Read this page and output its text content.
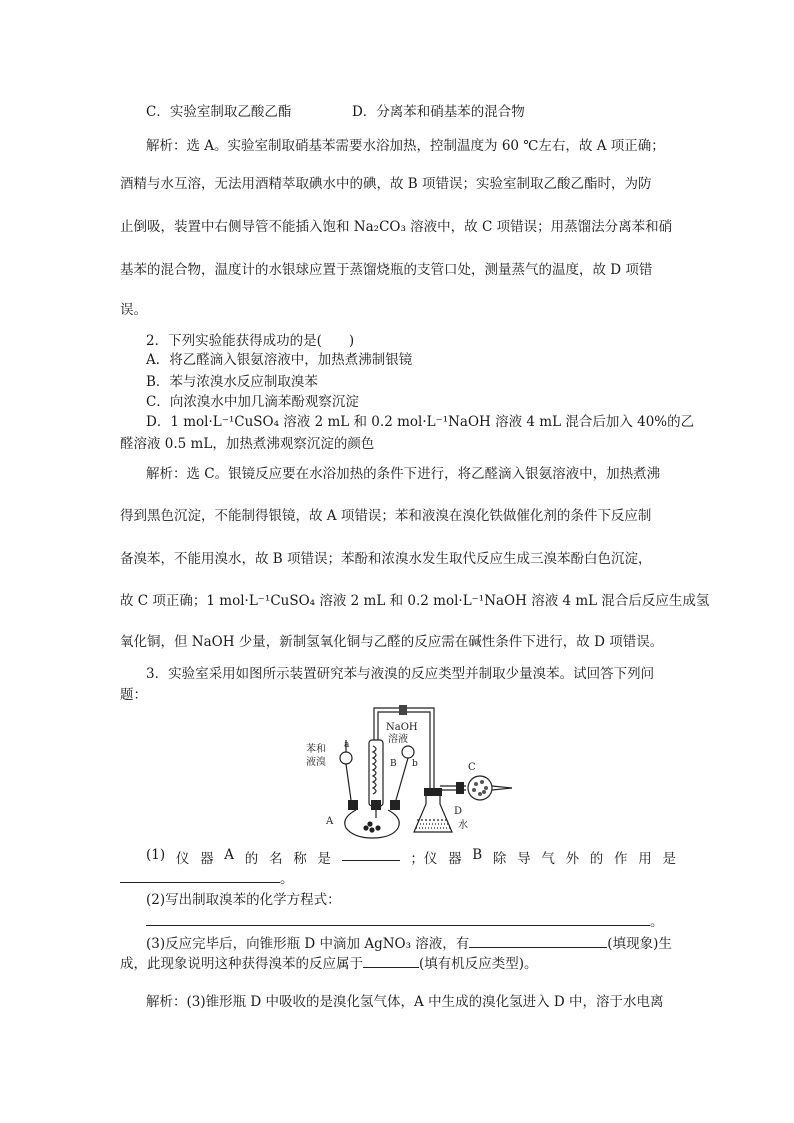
C．实验室制取乙酸乙酯	D．分离苯和硝基苯的混合物
解析：选 A。实验室制取硝基苯需要水浴加热，控制温度为 60 ℃左右，故 A 项正确；
酒精与水互溶，无法用酒精萃取碘水中的碘，故 B 项错误；实验室制取乙酸乙酯时，为防
止倒吸，装置中右侧导管不能插入饱和 Na₂CO₃ 溶液中，故 C 项错误；用蒸馏法分离苯和硝
基苯的混合物，温度计的水银球应置于蒸馏烧瓶的支管口处，测量蒸气的温度，故 D 项错
误。
2．下列实验能获得成功的是(　　)
A．将乙醛滴入银氨溶液中，加热煮沸制银镜
B．苯与浓溴水反应制取溴苯
C．向浓溴水中加几滴苯酚观察沉淀
D．1 mol·L⁻¹CuSO₄ 溶液 2 mL 和 0.2 mol·L⁻¹NaOH 溶液 4 mL 混合后加入 40%的乙
醛溶液 0.5 mL，加热煮沸观察沉淀的颜色
解析：选 C。银镜反应要在水浴加热的条件下进行，将乙醛滴入银氨溶液中，加热煮沸
得到黑色沉淀，不能制得银镜，故 A 项错误；苯和液溴在溴化铁做催化剂的条件下反应制
备溴苯，不能用溴水，故 B 项错误；苯酚和浓溴水发生取代反应生成三溴苯酚白色沉淀，
故 C 项正确；1 mol·L⁻¹CuSO₄ 溶液 2 mL 和 0.2 mol·L⁻¹NaOH 溶液 4 mL 混合后反应生成氢
氧化铜，但 NaOH 少量，新制氢氧化铜与乙醛的反应需在碱性条件下进行，故 D 项错误。
3．实验室采用如图所示装置研究苯与液溴的反应类型并制取少量溴苯。试回答下列问
题：
苯和
液溴
a
NaOH
溶液
b
B
A
C
D
水
(1) 仪 器 A 的 名 称 是	；仪 器 B 除 导 气 外 的 作 用 是
。
(2)写出制取溴苯的化学方程式：
。
(3)反应完毕后，向锥形瓶 D 中滴加 AgNO₃ 溶液，有	(填现象)生
成，此现象说明这种获得溴苯的反应属于	(填有机反应类型)。
解析：(3)锥形瓶 D 中吸收的是溴化氢气体，A 中生成的溴化氢进入 D 中，溶于水电离
